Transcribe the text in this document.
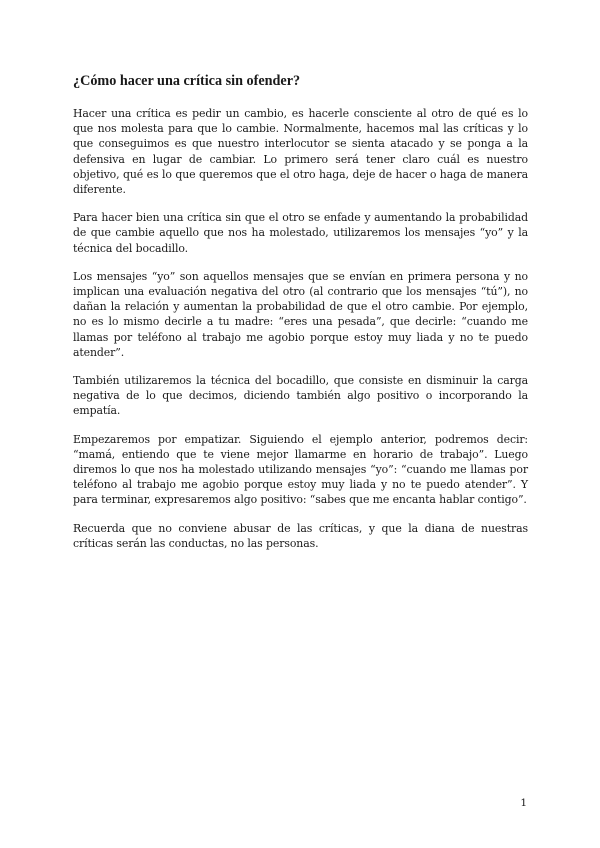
¿Cómo hacer una crítica sin ofender?

Hacer una crítica es pedir un cambio, es hacerle consciente al otro de qué es lo que nos molesta para que lo cambie. Normalmente, hacemos mal las críticas y lo que conseguimos es que nuestro interlocutor se sienta atacado y se ponga a la defensiva en lugar de cambiar. Lo primero será tener claro cuál es nuestro objetivo, qué es lo que queremos que el otro haga, deje de hacer o haga de manera diferente.

Para hacer bien una crítica sin que el otro se enfade y aumentando la probabilidad de que cambie aquello que nos ha molestado, utilizaremos los mensajes “yo” y la técnica del bocadillo.

Los mensajes “yo” son aquellos mensajes que se envían en primera persona y no implican una evaluación negativa del otro (al contrario que los mensajes “tú”), no dañan la relación y aumentan la probabilidad de que el otro cambie. Por ejemplo, no es lo mismo decirle a tu madre: “eres una pesada”, que decirle: “cuando me llamas por teléfono al trabajo me agobio porque estoy muy liada y no te puedo atender”.

También utilizaremos la técnica del bocadillo, que consiste en disminuir la carga negativa de lo que decimos, diciendo también algo positivo o incorporando la empatía.

Empezaremos por empatizar. Siguiendo el ejemplo anterior, podremos decir: “mamá, entiendo que te viene mejor llamarme en horario de trabajo”. Luego diremos lo que nos ha molestado utilizando mensajes “yo”: “cuando me llamas por teléfono al trabajo me agobio porque estoy muy liada y no te puedo atender”. Y para terminar, expresaremos algo positivo: “sabes que me encanta hablar contigo”.

Recuerda que no conviene abusar de las críticas, y que la diana de nuestras críticas serán las conductas, no las personas.

1
